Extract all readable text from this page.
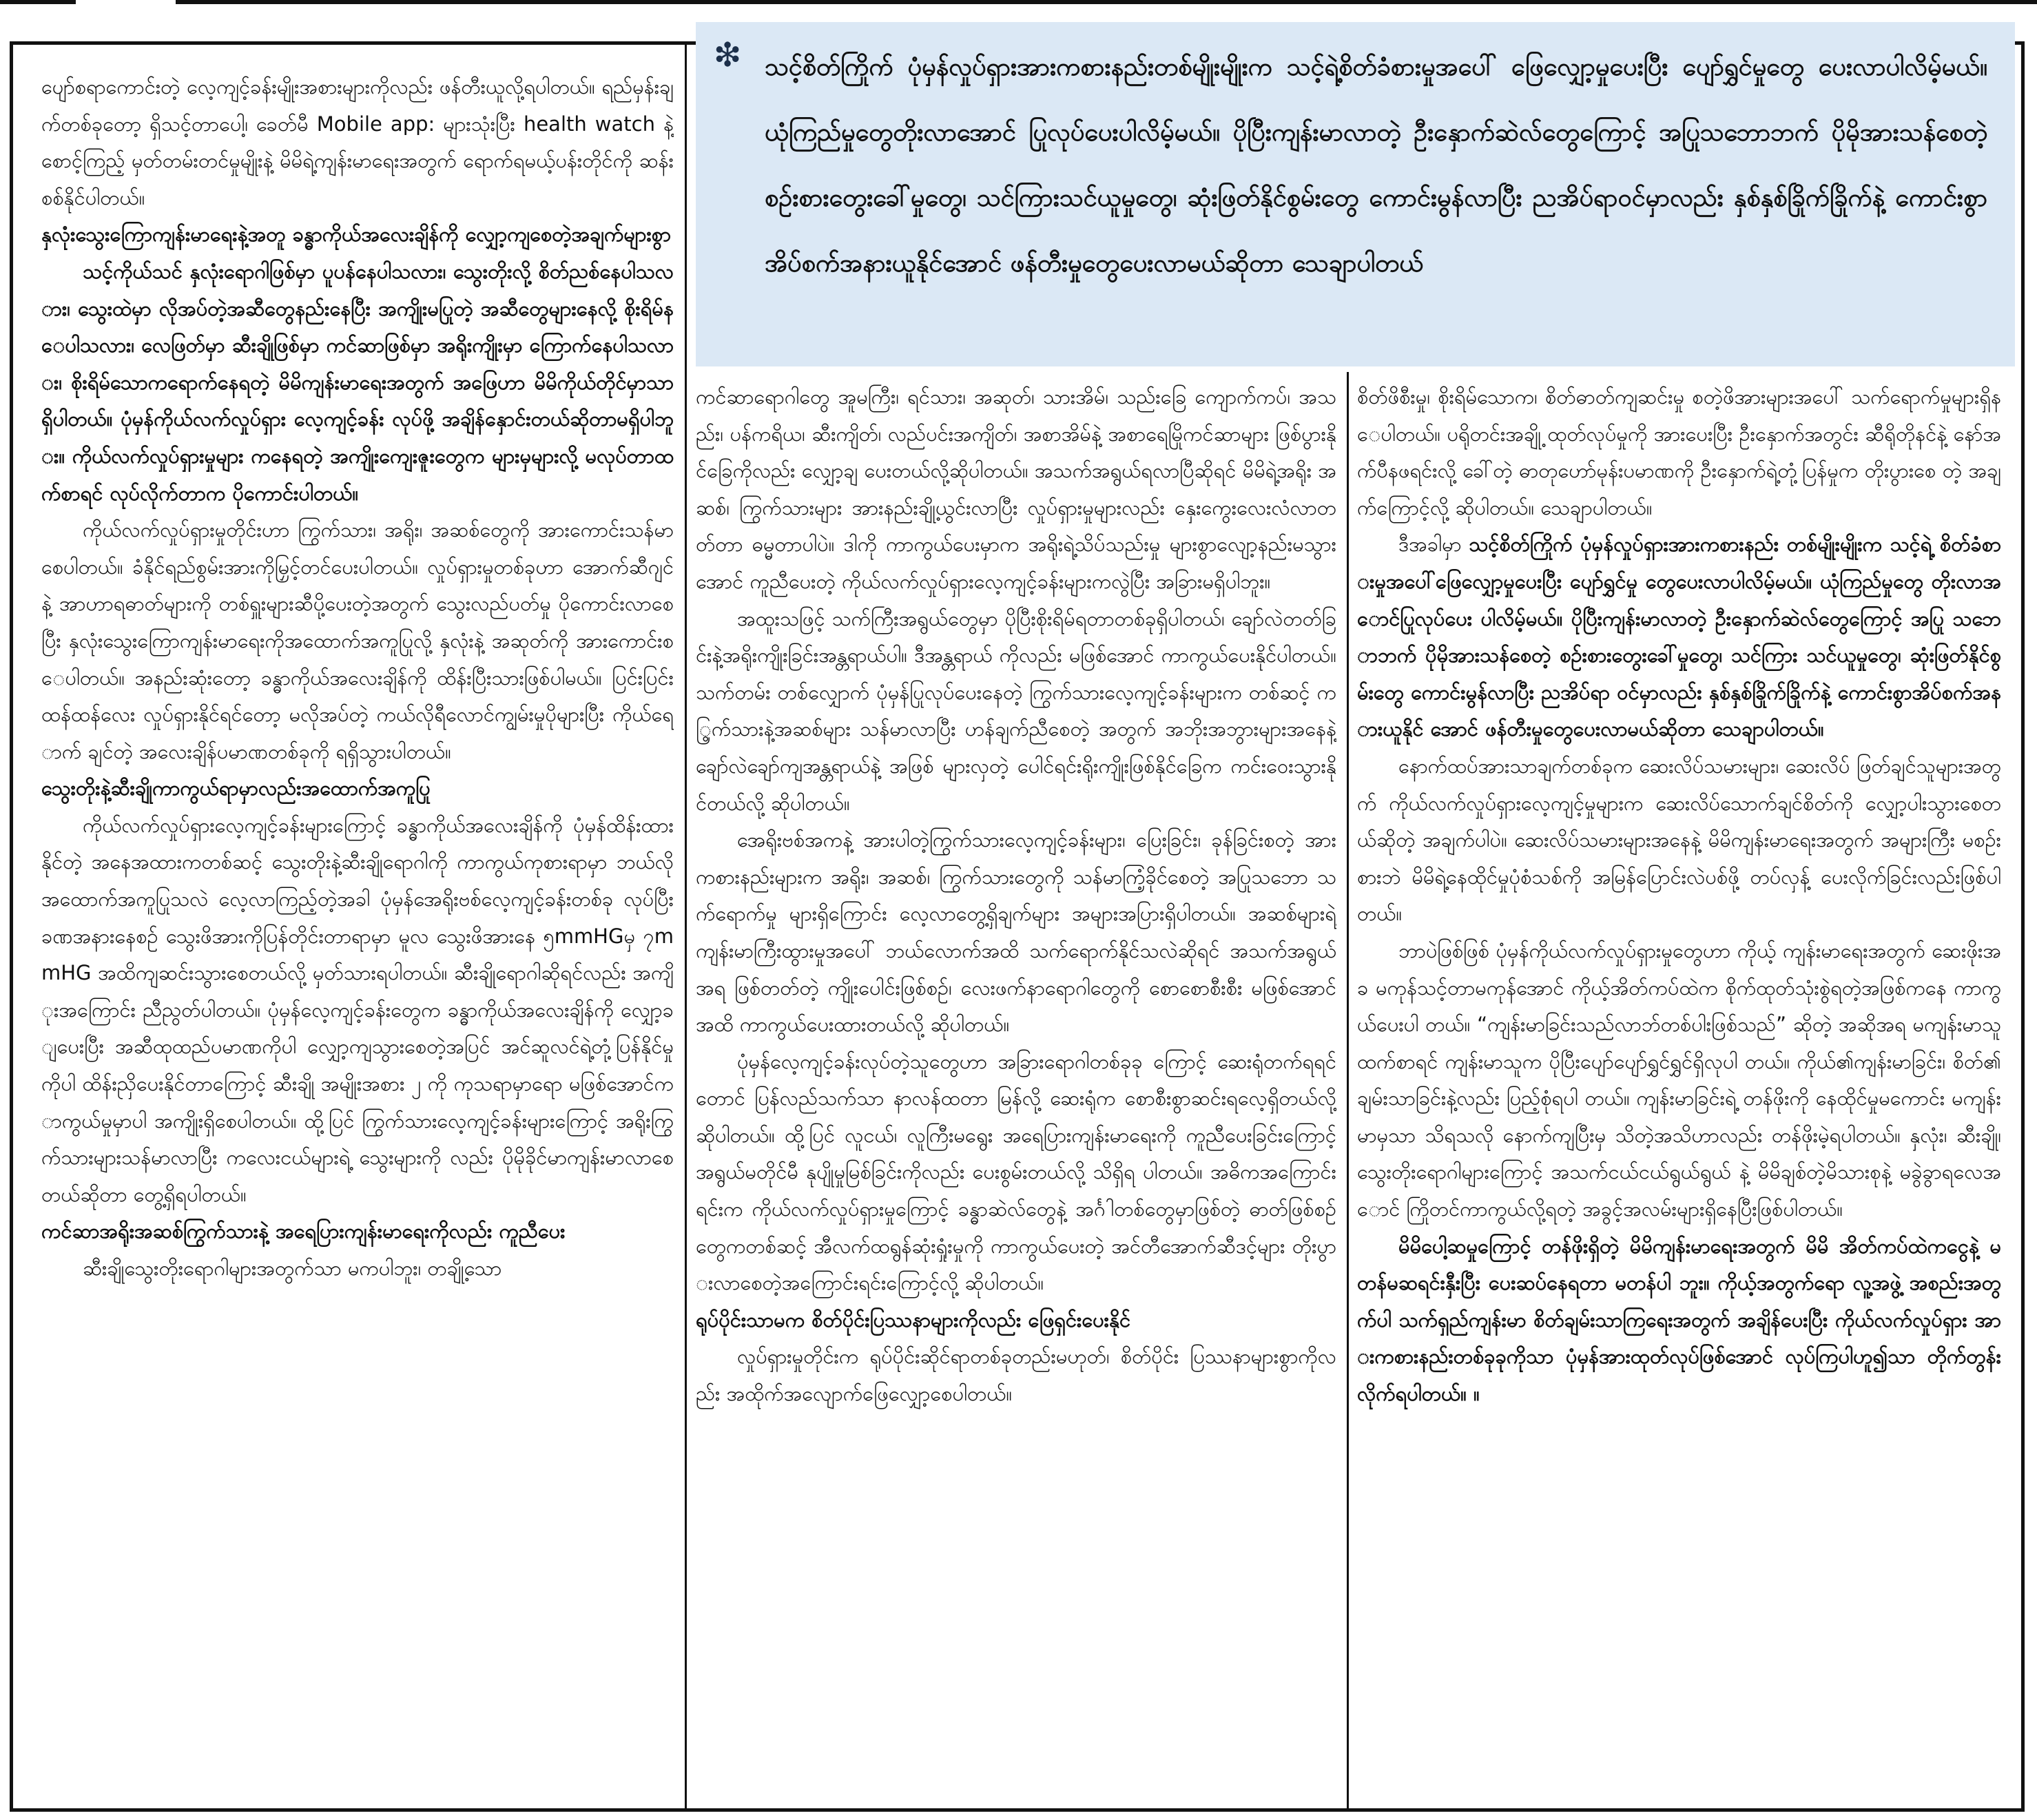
❇ သင့်စိတ်ကြိုက် ပုံမှန်လှုပ်ရှားအားကစားနည်းတစ်မျိုးမျိုးက သင့်ရဲ့စိတ်ခံစားမှုအပေါ် ဖြေလျှော့မှုပေးပြီး ပျော်ရွှင်မှုတွေ ပေးလာပါလိမ့်မယ်။ ယုံကြည်မှုတွေတိုးလာအောင် ပြုလုပ်ပေးပါလိမ့်မယ်။ ပိုပြီးကျန်းမာလာတဲ့ ဦးနှောက်ဆဲလ်တွေကြောင့် အပြုသဘောဘက် ပိုမိုအားသန်စေတဲ့ စဉ်းစားတွေးခေါ်မှုတွေ၊ သင်ကြားသင်ယူမှုတွေ၊ ဆုံးဖြတ်နိုင်စွမ်းတွေ ကောင်းမွန်လာပြီး ညအိပ်ရာဝင်မှာလည်း နှစ်နှစ်ခြိုက်ခြိုက်နဲ့ ကောင်းစွာအိပ်စက်အနားယူနိုင်အောင် ဖန်တီးမှုတွေပေးလာမယ်ဆိုတာ သေချာပါတယ်

ပျော်စရာကောင်းတဲ့ လေ့ကျင့်ခန်းမျိုးအစားများကိုလည်း ဖန်တီးယူလို့ရပါတယ်။ ရည်မှန်းချက်တစ်ခုတော့ ရှိသင့်တာပေါ့၊ ခေတ်မီ Mobile app: များသုံးပြီး health watch နဲ့ စောင့်ကြည့် မှတ်တမ်းတင်မှုမျိုးနဲ့ မိမိရဲ့ကျန်းမာရေးအတွက် ရောက်ရမယ့်ပန်းတိုင်ကို ဆန်းစစ်နိုင်ပါတယ်။

နှလုံးသွေးကြောကျန်းမာရေးနဲ့အတူ ခန္ဓာကိုယ်အလေးချိန်ကို လျှော့ကျစေတဲ့အချက်များစွာ

သင့်ကိုယ်သင် နှလုံးရောဂါဖြစ်မှာ ပူပန်နေပါသလား၊ သွေးတိုးလို့ စိတ်ညစ်နေပါသလား၊ သွေးထဲမှာ လိုအပ်တဲ့အဆီတွေနည်းနေပြီး အကျိုးမပြုတဲ့ အဆီတွေများနေလို့ စိုးရိမ်နေပါသလား၊ လေဖြတ်မှာ ဆီးချိုဖြစ်မှာ ကင်ဆာဖြစ်မှာ အရိုးကျိုးမှာ ကြောက်နေပါသလား၊ စိုးရိမ်သောကရောက်နေရတဲ့ မိမိကျန်းမာရေးအတွက် အဖြေဟာ မိမိကိုယ်တိုင်မှာသာရှိပါတယ်။ ပုံမှန်ကိုယ်လက်လှုပ်ရှား လေ့ကျင့်ခန်း လုပ်ဖို့ အချိန်နှောင်းတယ်ဆိုတာမရှိပါဘူး။ ကိုယ်လက်လှုပ်ရှားမှုများ ကနေရတဲ့ အကျိုးကျေးဇူးတွေက များမှများလို့ မလုပ်တာထက်စာရင် လုပ်လိုက်တာက ပိုကောင်းပါတယ်။

ကိုယ်လက်လှုပ်ရှားမှုတိုင်းဟာ ကြွက်သား၊ အရိုး၊ အဆစ်တွေကို အားကောင်းသန်မာစေပါတယ်။ ခံနိုင်ရည်စွမ်းအားကိုမြှင့်တင်ပေးပါတယ်။ လှုပ်ရှားမှုတစ်ခုဟာ အောက်ဆီဂျင်နဲ့ အာဟာရဓာတ်များကို တစ်ရှူးများဆီပို့ပေးတဲ့အတွက် သွေးလည်ပတ်မှု ပိုကောင်းလာစေပြီး နှလုံးသွေးကြောကျန်းမာရေးကိုအထောက်အကူပြုလို့ နှလုံးနဲ့ အဆုတ်ကို အားကောင်းစေပါတယ်။ အနည်းဆုံးတော့ ခန္ဓာကိုယ်အလေးချိန်ကို ထိန်းပြီးသားဖြစ်ပါမယ်။ ပြင်းပြင်းထန်ထန်လေး လှုပ်ရှားနိုင်ရင်တော့ မလိုအပ်တဲ့ ကယ်လိုရီလောင်ကျွမ်းမှုပိုများပြီး ကိုယ်ရောက် ချင်တဲ့ အလေးချိန်ပမာဏတစ်ခုကို ရရှိသွားပါတယ်။

သွေးတိုးနဲ့ဆီးချိုကာကွယ်ရာမှာလည်းအထောက်အကူပြု

ကိုယ်လက်လှုပ်ရှားလေ့ကျင့်ခန်းများကြောင့် ခန္ဓာကိုယ်အလေးချိန်ကို ပုံမှန်ထိန်းထားနိုင်တဲ့ အနေအထားကတစ်ဆင့် သွေးတိုးနဲ့ဆီးချိုရောဂါကို ကာကွယ်ကုစားရာမှာ ဘယ်လို အထောက်အကူပြုသလဲ လေ့လာကြည့်တဲ့အခါ ပုံမှန်အေရိုးဗစ်လေ့ကျင့်ခန်းတစ်ခု လုပ်ပြီး ခဏအနားနေစဉ် သွေးဖိအားကိုပြန်တိုင်းတာရာမှာ မူလ သွေးဖိအားနေ ၅mmHGမှ ၇mmHG အထိကျဆင်းသွားစေတယ်လို့ မှတ်သားရပါတယ်။ ဆီးချိုရောဂါဆိုရင်လည်း အကျိုးအကြောင်း ညီညွတ်ပါတယ်။ ပုံမှန်လေ့ကျင့်ခန်းတွေက ခန္ဓာကိုယ်အလေးချိန်ကို လျှော့ချပေးပြီး အဆီထုထည်ပမာဏကိုပါ လျှော့ကျသွားစေတဲ့အပြင် အင်ဆူလင်ရဲ့တုံ့ပြန်နိုင်မှုကိုပါ ထိန်းညှိပေးနိုင်တာကြောင့် ဆီးချို အမျိုးအစား ၂ ကို ကုသရာမှာရော မဖြစ်အောင်ကာကွယ်မှုမှာပါ အကျိုးရှိစေပါတယ်။ ထို့ပြင် ကြွက်သားလေ့ကျင့်ခန်းများကြောင့် အရိုးကြွက်သားများသန်မာလာပြီး ကလေးငယ်များရဲ့ သွေးများကို လည်း ပိုမိုခိုင်မာကျန်းမာလာစေတယ်ဆိုတာ တွေ့ရှိရပါတယ်။

ကင်ဆာအရိုးအဆစ်ကြွက်သားနဲ့ အရေပြားကျန်းမာရေးကိုလည်း ကူညီပေး

ဆီးချိုသွေးတိုးရောဂါများအတွက်သာ မကပါဘူး၊ တချို့သော

ကင်ဆာရောဂါတွေ အူမကြီး၊ ရင်သား၊ အဆုတ်၊ သားအိမ်၊ သည်းခြေ ကျောက်ကပ်၊ အသည်း၊ ပန်ကရိယ၊ ဆီးကျိတ်၊ လည်ပင်းအကျိတ်၊ အစာအိမ်နဲ့ အစာရေမြိုကင်ဆာများ ဖြစ်ပွားနိုင်ခြေကိုလည်း လျှော့ချ ပေးတယ်လို့ဆိုပါတယ်။ အသက်အရွယ်ရလာပြီဆိုရင် မိမိရဲ့အရိုး အဆစ်၊ ကြွက်သားများ အားနည်းချို့ယွင်းလာပြီး လှုပ်ရှားမှုများလည်း နှေးကွေးလေးလံလာတတ်တာ ဓမ္မတာပါပဲ။ ဒါကို ကာကွယ်ပေးမှာက အရိုးရဲ့သိပ်သည်းမှု များစွာလျော့နည်းမသွားအောင် ကူညီပေးတဲ့ ကိုယ်လက်လှုပ်ရှားလေ့ကျင့်ခန်းများကလွဲပြီး အခြားမရှိပါဘူး။

အထူးသဖြင့် သက်ကြီးအရွယ်တွေမှာ ပိုပြီးစိုးရိမ်ရတာတစ်ခုရှိပါတယ်၊ ချော်လဲတတ်ခြင်းနဲ့အရိုးကျိုးခြင်းအန္တရာယ်ပါ။ ဒီအန္တရာယ် ကိုလည်း မဖြစ်အောင် ကာကွယ်ပေးနိုင်ပါတယ်။ သက်တမ်း တစ်လျှောက် ပုံမှန်ပြုလုပ်ပေးနေတဲ့ ကြွက်သားလေ့ကျင့်ခန်းများက တစ်ဆင့် ကြွက်သားနဲ့အဆစ်များ သန်မာလာပြီး ဟန်ချက်ညီစေတဲ့ အတွက် အဘိုးအဘွားများအနေနဲ့ ချော်လဲချော်ကျအန္တရာယ်နဲ့ အဖြစ် များလှတဲ့ ပေါင်ရင်းရိုးကျိုးဖြစ်နိုင်ခြေက ကင်းဝေးသွားနိုင်တယ်လို့ ဆိုပါတယ်။

အေရိုးဗစ်အကနဲ့ အားပါတဲ့ကြွက်သားလေ့ကျင့်ခန်းများ၊ ပြေးခြင်း၊ ခုန်ခြင်းစတဲ့ အားကစားနည်းများက အရိုး၊ အဆစ်၊ ကြွက်သားတွေကို သန်မာကြံ့ခိုင်စေတဲ့ အပြုသဘော သက်ရောက်မှု များရှိကြောင်း လေ့လာတွေ့ရှိချက်များ အများအပြားရှိပါတယ်။ အဆစ်များရဲ့ ကျန်းမာကြီးထွားမှုအပေါ် ဘယ်လောက်အထိ သက်ရောက်နိုင်သလဲဆိုရင် အသက်အရွယ်အရ ဖြစ်တတ်တဲ့ ကျိုးပေါင်းဖြစ်စဉ်၊ လေးဖက်နာရောဂါတွေကို စောစောစီးစီး မဖြစ်အောင်အထိ ကာကွယ်ပေးထားတယ်လို့ ဆိုပါတယ်။

ပုံမှန်လေ့ကျင့်ခန်းလုပ်တဲ့သူတွေဟာ အခြားရောဂါတစ်ခုခု ကြောင့် ဆေးရုံတက်ရရင်တောင် ပြန်လည်သက်သာ နာလန်ထတာ မြန်လို့ ဆေးရုံက စောစီးစွာဆင်းရလေ့ရှိတယ်လို့ ဆိုပါတယ်။ ထို့ပြင် လူငယ်၊ လူကြီးမရွေး အရေပြားကျန်းမာရေးကို ကူညီပေးခြင်းကြောင့် အရွယ်မတိုင်မီ နုပျိုမှုမြစ်ခြင်းကိုလည်း ပေးစွမ်းတယ်လို့ သိရှိရ ပါတယ်။ အဓိကအကြောင်းရင်းက ကိုယ်လက်လှုပ်ရှားမှုကြောင့် ခန္ဓာဆဲလ်တွေနဲ့ အင်္ဂါတစ်တွေမှာဖြစ်တဲ့ ဓာတ်ဖြစ်စဉ်တွေကတစ်ဆင့် အီလက်ထရွန်ဆုံးရှုံးမှုကို ကာကွယ်ပေးတဲ့ အင်တီအောက်ဆီဒင့်များ တိုးပွားလာစေတဲ့အကြောင်းရင်းကြောင့်လို့ ဆိုပါတယ်။

ရုပ်ပိုင်းသာမက စိတ်ပိုင်းပြဿနာများကိုလည်း ဖြေရှင်းပေးနိုင်

လှုပ်ရှားမှုတိုင်းက ရုပ်ပိုင်းဆိုင်ရာတစ်ခုတည်းမဟုတ်၊ စိတ်ပိုင်း ပြဿနာများစွာကိုလည်း အထိုက်အလျောက်ဖြေလျှော့စေပါတယ်။

စိတ်ဖိစီးမှု၊ စိုးရိမ်သောက၊ စိတ်ဓာတ်ကျဆင်းမှု စတဲ့ဖိအားများအပေါ် သက်ရောက်မှုများရှိနေပါတယ်။ ပရိုတင်းအချို့ ထုတ်လုပ်မှုကို အားပေးပြီး ဦးနှောက်အတွင်း ဆီရိုတိုနင်နဲ့ နော်အက်ပီနဖရင်းလို့ ခေါ်တဲ့ ဓာတုဟော်မုန်းပမာဏကို ဦးနှောက်ရဲ့တုံ့ပြန်မှုက တိုးပွားစေ တဲ့ အချက်ကြောင့်လို့ ဆိုပါတယ်။ သေချာပါတယ်။

ဒီအခါမှာ သင့်စိတ်ကြိုက် ပုံမှန်လှုပ်ရှားအားကစားနည်း တစ်မျိုးမျိုးက သင့်ရဲ့ စိတ်ခံစားမှုအပေါ်ဖြေလျှော့မှုပေးပြီး ပျော်ရွှင်မှု တွေပေးလာပါလိမ့်မယ်။ ယုံကြည်မှုတွေ တိုးလာအောင်ပြုလုပ်ပေး ပါလိမ့်မယ်။ ပိုပြီးကျန်းမာလာတဲ့ ဦးနှောက်ဆဲလ်တွေကြောင့် အပြု သဘောဘက် ပိုမိုအားသန်စေတဲ့ စဉ်းစားတွေးခေါ်မှုတွေ၊ သင်ကြား သင်ယူမှုတွေ၊ ဆုံးဖြတ်နိုင်စွမ်းတွေ ကောင်းမွန်လာပြီး ညအိပ်ရာ ဝင်မှာလည်း နှစ်နှစ်ခြိုက်ခြိုက်နဲ့ ကောင်းစွာအိပ်စက်အနားယူနိုင် အောင် ဖန်တီးမှုတွေပေးလာမယ်ဆိုတာ သေချာပါတယ်။

နောက်ထပ်အားသာချက်တစ်ခုက ဆေးလိပ်သမားများ၊ ဆေးလိပ် ဖြတ်ချင်သူများအတွက် ကိုယ်လက်လှုပ်ရှားလေ့ကျင့်မှုများက ဆေးလိပ်သောက်ချင်စိတ်ကို လျှော့ပါးသွားစေတယ်ဆိုတဲ့ အချက်ပါပဲ။ ဆေးလိပ်သမားများအနေနဲ့ မိမိကျန်းမာရေးအတွက် အများကြီး မစဉ်းစားဘဲ မိမိရဲ့နေထိုင်မှုပုံစံသစ်ကို အမြန်ပြောင်းလဲပစ်ဖို့ တပ်လှန့် ပေးလိုက်ခြင်းလည်းဖြစ်ပါတယ်။

ဘာပဲဖြစ်ဖြစ် ပုံမှန်ကိုယ်လက်လှုပ်ရှားမှုတွေဟာ ကိုယ့် ကျန်းမာရေးအတွက် ဆေးဖိုးအခ မကုန်သင့်တာမကုန်အောင် ကိုယ့်အိတ်ကပ်ထဲက စိုက်ထုတ်သုံးစွဲရတဲ့အဖြစ်ကနေ ကာကွယ်ပေးပါ တယ်။ “ကျန်းမာခြင်းသည်လာဘ်တစ်ပါးဖြစ်သည်” ဆိုတဲ့ အဆိုအရ မကျန်းမာသူထက်စာရင် ကျန်းမာသူက ပိုပြီးပျော်ပျော်ရွှင်ရွှင်ရှိလုပါ တယ်။ ကိုယ်၏ကျန်းမာခြင်း၊ စိတ်၏ချမ်းသာခြင်းနဲ့လည်း ပြည့်စုံရပါ တယ်။ ကျန်းမာခြင်းရဲ့ တန်ဖိုးကို နေထိုင်မှုမကောင်း မကျန်းမာမှသာ သိရသလို နောက်ကျပြီးမှ သိတဲ့အသိဟာလည်း တန်ဖိုးမဲ့ရပါတယ်။ နှလုံး၊ ဆီးချို၊ သွေးတိုးရောဂါများကြောင့် အသက်ငယ်ငယ်ရွယ်ရွယ် နဲ့ မိမိချစ်တဲ့မိသားစုနဲ့ မခွဲခွာရလေအောင် ကြိုတင်ကာကွယ်လို့ရတဲ့ အခွင့်အလမ်းများရှိနေပြီးဖြစ်ပါတယ်။

မိမိပေါ့ဆမှုကြောင့် တန်ဖိုးရှိတဲ့ မိမိကျန်းမာရေးအတွက် မိမိ အိတ်ကပ်ထဲကငွေနဲ့ မတန်မဆရင်းနှီးပြီး ပေးဆပ်နေရတာ မတန်ပါ ဘူး။ ကိုယ့်အတွက်ရော လူ့အဖွဲ့ အစည်းအတွက်ပါ သက်ရှည်ကျန်းမာ စိတ်ချမ်းသာကြရေးအတွက် အချိန်ပေးပြီး ကိုယ်လက်လှုပ်ရှား အားကစားနည်းတစ်ခုခုကိုသာ ပုံမှန်အားထုတ်လုပ်ဖြစ်အောင် လုပ်ကြပါဟူ၍သာ တိုက်တွန်းလိုက်ရပါတယ်။ ။
